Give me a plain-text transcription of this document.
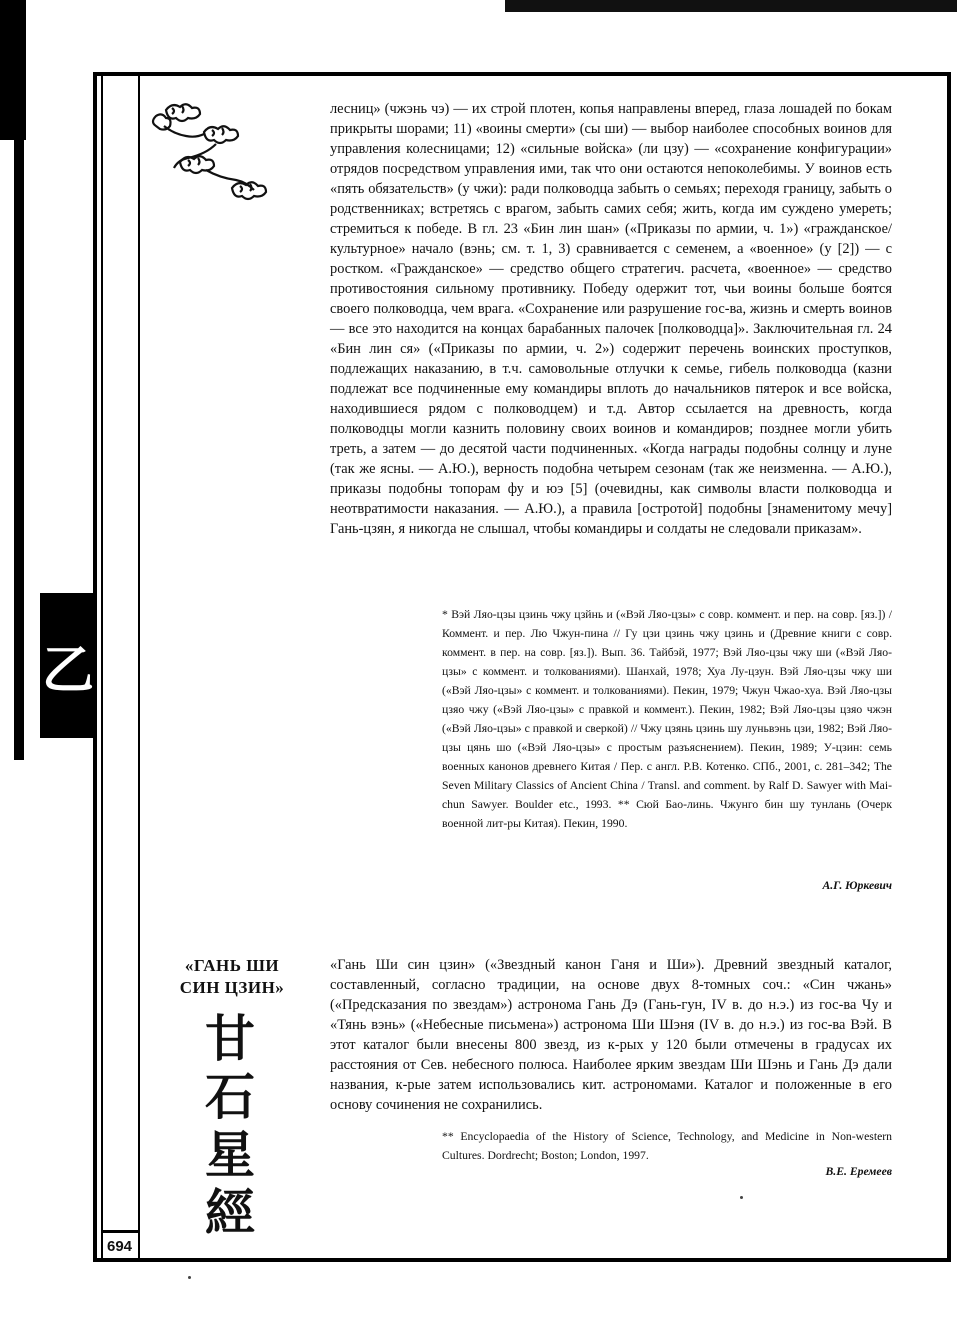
乙
лесниц» (чжэнь чэ) — их строй плотен, копья направлены вперед, глаза лошадей по бокам прикрыты шорами; 11) «воины смерти» (сы ши) — выбор наиболее способных воинов для управления колесницами; 12) «сильные войска» (ли цзу) — «сохранение конфигурации» отрядов посредством управления ими, так что они остаются непоколебимы. У воинов есть «пять обязательств» (у чжи): ради полководца забыть о семьях; переходя границу, забыть о родственниках; встретясь с врагом, забыть самих себя; жить, когда им суждено умереть; стремиться к победе. В гл. 23 «Бин лин шан» («Приказы по армии, ч. 1») «гражданское/культурное» начало (вэнь; см. т. 1, 3) сравнивается с семенем, а «военное» (у [2]) — с ростком. «Гражданское» — средство общего стратегич. расчета, «военное» — средство противостояния сильному противнику. Победу одержит тот, чьи воины больше боятся своего полководца, чем врага. «Сохранение или разрушение гос-ва, жизнь и смерть воинов — все это находится на концах барабанных палочек [полководца]». Заключительная гл. 24 «Бин лин ся» («Приказы по армии, ч. 2») содержит перечень воинских проступков, подлежащих наказанию, в т.ч. самовольные отлучки к семье, гибель полководца (казни подлежат все подчиненные ему командиры вплоть до начальников пятерок и все войска, находившиеся рядом с полководцем) и т.д. Автор ссылается на древность, когда полководцы могли казнить половину своих воинов и командиров; позднее могли убить треть, а затем — до десятой части подчиненных. «Когда награды подобны солнцу и луне (так же ясны. — А.Ю.), верность подобна четырем сезонам (так же неизменна. — А.Ю.), приказы подобны топорам фу и юэ [5] (очевидны, как символы власти полководца и неотвратимости наказания. — А.Ю.), а правила [остротой] подобны [знаменитому мечу] Гань-цзян, я никогда не слышал, чтобы командиры и солдаты не следовали приказам».
* Вэй Ляо-цзы цзинь чжу цзйнь и («Вэй Ляо-цзы» с совр. коммент. и пер. на совр. [яз.]) / Коммент. и пер. Лю Чжун-пина // Гу цзи цзинь чжу цзинь и (Древние книги с совр. коммент. в пер. на совр. [яз.]). Вып. 36. Тайбэй, 1977; Вэй Ляо-цзы чжу ши («Вэй Ляо-цзы» с коммент. и толкованиями). Шанхай, 1978; Хуа Лу-цзун. Вэй Ляо-цзы чжу ши («Вэй Ляо-цзы» с коммент. и толкованиями). Пекин, 1979; Чжун Чжао-хуа. Вэй Ляо-цзы цзяо чжу («Вэй Ляо-цзы» с правкой и коммент.). Пекин, 1982; Вэй Ляо-цзы цзяо чжэн («Вэй Ляо-цзы» с правкой и сверкой) // Чжу цзянь цзинь шу луньвэнь цзи, 1982; Вэй Ляо-цзы цянь шо («Вэй Ляо-цзы» с простым разъяснением). Пекин, 1989; У-цзин: семь военных канонов древнего Китая / Пер. с англ. Р.В. Котенко. СПб., 2001, с. 281–342; The Seven Military Classics of Ancient China / Transl. and comment. by Ralf D. Sawyer with Mai-chun Sawyer. Boulder etc., 1993. ** Сюй Бао-линь. Чжунго бин шу тунлань (Очерк военной лит-ры Китая). Пекин, 1990.
А.Г. Юркевич
«ГАНЬ ШИ
СИН ЦЗИН»
甘
石
星
經
«Гань Ши син цзин» («Звездный канон Ганя и Ши»). Древний звездный каталог, составленный, согласно традиции, на основе двух 8-томных соч.: «Син чжань» («Предсказания по звездам») астронома Гань Дэ (Гань-гун, IV в. до н.э.) из гос-ва Чу и «Тянь вэнь» («Небесные письмена») астронома Ши Шэня (IV в. до н.э.) из гос-ва Вэй. В этот каталог были внесены 800 звезд, из к-рых у 120 были отмечены в градусах их расстояния от Сев. небесного полюса. Наиболее ярким звездам Ши Шэнь и Гань Дэ дали названия, к-рые затем использовались кит. астрономами. Каталог и положенные в его основу сочинения не сохранились.
** Encyclopaedia of the History of Science, Technology, and Medicine in Non-western Cultures. Dordrecht; Boston; London, 1997.
В.Е. Еремеев
694
